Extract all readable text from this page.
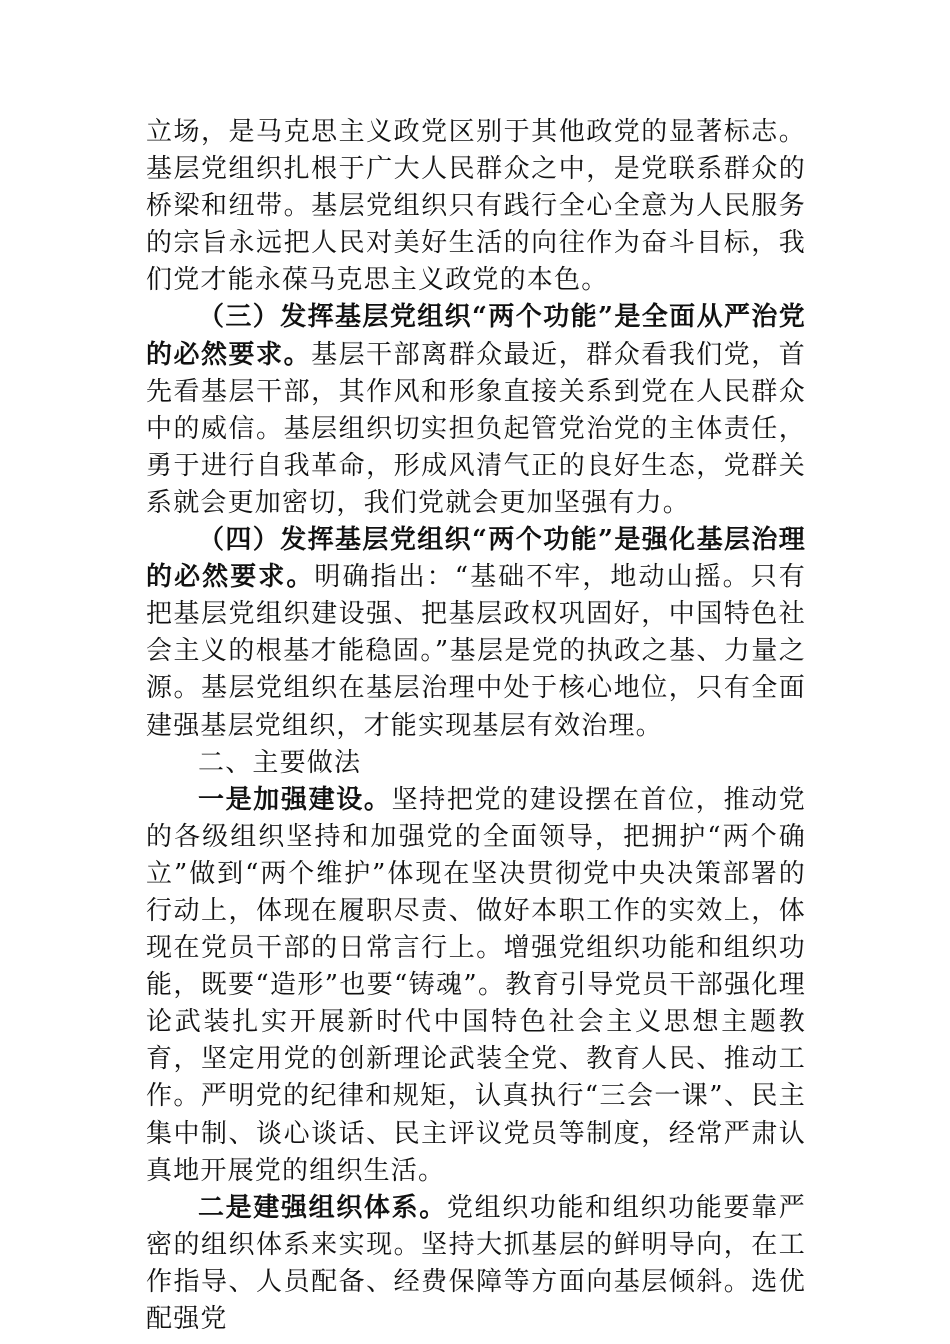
立场，是马克思主义政党区别于其他政党的显著标志。基层党组织扎根于广大人民群众之中，是党联系群众的桥梁和纽带。基层党组织只有践行全心全意为人民服务的宗旨永远把人民对美好生活的向往作为奋斗目标，我们党才能永葆马克思主义政党的本色。

（三）发挥基层党组织“两个功能”是全面从严治党的必然要求。基层干部离群众最近，群众看我们党，首先看基层干部，其作风和形象直接关系到党在人民群众中的威信。基层组织切实担负起管党治党的主体责任，勇于进行自我革命，形成风清气正的良好生态，党群关系就会更加密切，我们党就会更加坚强有力。

（四）发挥基层党组织“两个功能”是强化基层治理的必然要求。明确指出：“基础不牢，地动山摇。只有把基层党组织建设强、把基层政权巩固好，中国特色社会主义的根基才能稳固。”基层是党的执政之基、力量之源。基层党组织在基层治理中处于核心地位，只有全面建强基层党组织，才能实现基层有效治理。

二、主要做法

一是加强建设。坚持把党的建设摆在首位，推动党的各级组织坚持和加强党的全面领导，把拥护“两个确立”做到“两个维护”体现在坚决贯彻党中央决策部署的行动上，体现在履职尽责、做好本职工作的实效上，体现在党员干部的日常言行上。增强党组织功能和组织功能，既要“造形”也要“铸魂”。教育引导党员干部强化理论武装扎实开展新时代中国特色社会主义思想主题教育，坚定用党的创新理论武装全党、教育人民、推动工作。严明党的纪律和规矩，认真执行“三会一课”、民主集中制、谈心谈话、民主评议党员等制度，经常严肃认真地开展党的组织生活。

二是建强组织体系。党组织功能和组织功能要靠严密的组织体系来实现。坚持大抓基层的鲜明导向，在工作指导、人员配备、经费保障等方面向基层倾斜。选优配强党
